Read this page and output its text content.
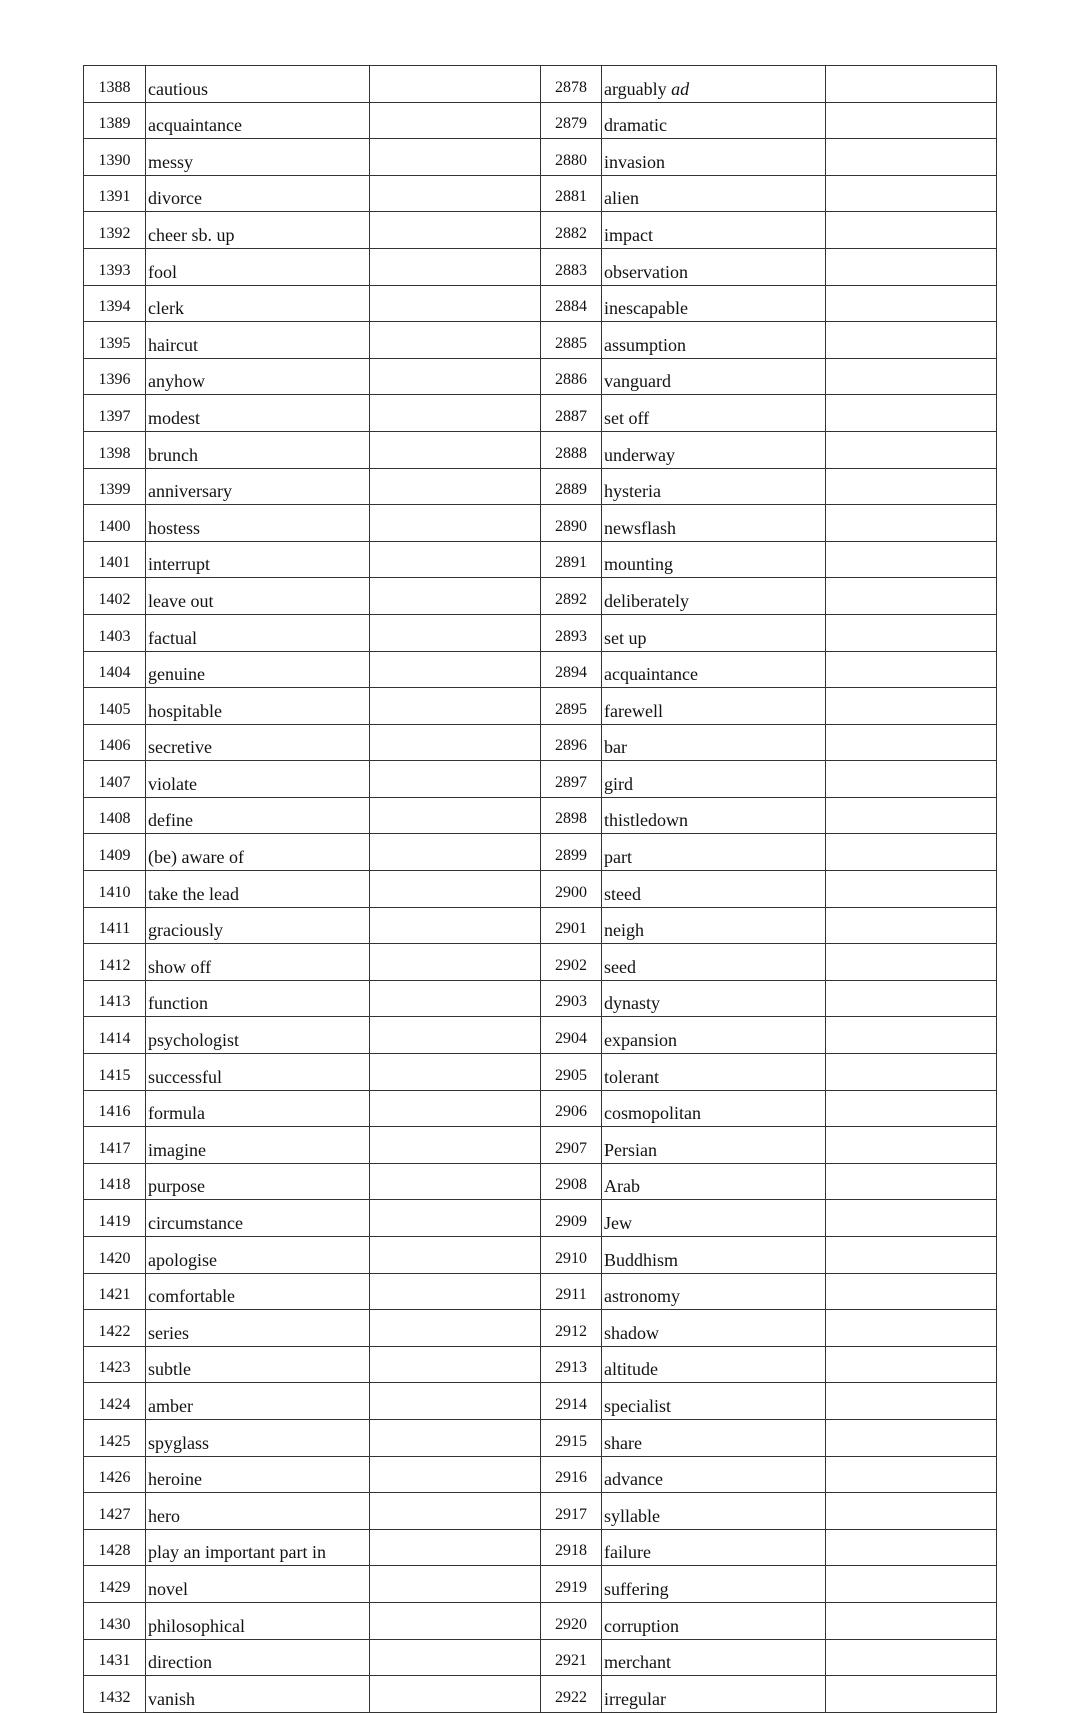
1388	cautious		2878	arguably ad	
1389	acquaintance		2879	dramatic	
1390	messy		2880	invasion	
1391	divorce		2881	alien	
1392	cheer sb. up		2882	impact	
1393	fool		2883	observation	
1394	clerk		2884	inescapable	
1395	haircut		2885	assumption	
1396	anyhow		2886	vanguard	
1397	modest		2887	set off	
1398	brunch		2888	underway	
1399	anniversary		2889	hysteria	
1400	hostess		2890	newsflash	
1401	interrupt		2891	mounting	
1402	leave out		2892	deliberately	
1403	factual		2893	set up	
1404	genuine		2894	acquaintance	
1405	hospitable		2895	farewell	
1406	secretive		2896	bar	
1407	violate		2897	gird	
1408	define		2898	thistledown	
1409	(be) aware of		2899	part	
1410	take the lead		2900	steed	
1411	graciously		2901	neigh	
1412	show off		2902	seed	
1413	function		2903	dynasty	
1414	psychologist		2904	expansion	
1415	successful		2905	tolerant	
1416	formula		2906	cosmopolitan	
1417	imagine		2907	Persian	
1418	purpose		2908	Arab	
1419	circumstance		2909	Jew	
1420	apologise		2910	Buddhism	
1421	comfortable		2911	astronomy	
1422	series		2912	shadow	
1423	subtle		2913	altitude	
1424	amber		2914	specialist	
1425	spyglass		2915	share	
1426	heroine		2916	advance	
1427	hero		2917	syllable	
1428	play an important part in		2918	failure	
1429	novel		2919	suffering	
1430	philosophical		2920	corruption	
1431	direction		2921	merchant	
1432	vanish		2922	irregular	
